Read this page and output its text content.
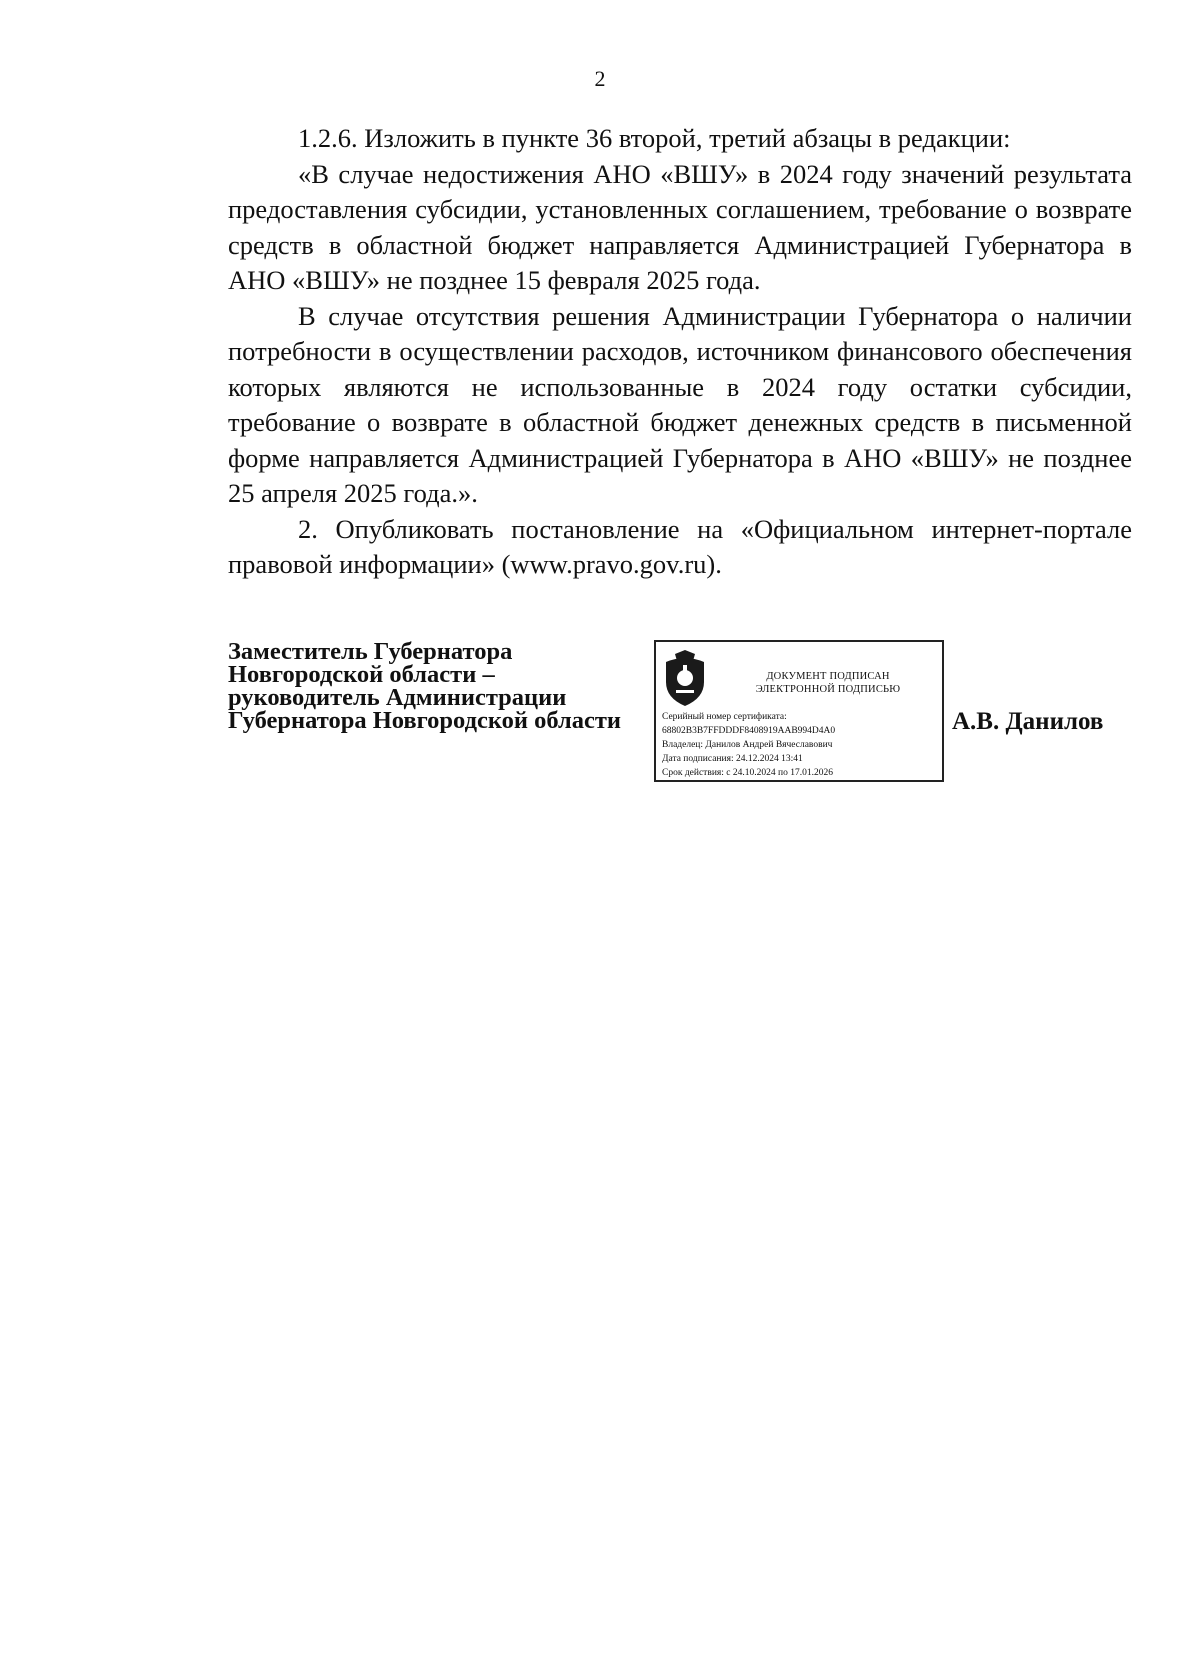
2

1.2.6. Изложить в пункте 36 второй, третий абзацы в редакции:

«В случае недостижения АНО «ВШУ» в 2024 году значений результата предоставления субсидии, установленных соглашением, требование о возврате средств в областной бюджет направляется Администрацией Губернатора в АНО «ВШУ» не позднее 15 февраля 2025 года.

В случае отсутствия решения Администрации Губернатора о наличии потребности в осуществлении расходов, источником финансового обеспечения которых являются не использованные в 2024 году остатки субсидии, требование о возврате в областной бюджет денежных средств в письменной форме направляется Администрацией Губернатора в АНО «ВШУ» не позднее 25 апреля 2025 года.».

2. Опубликовать постановление на «Официальном интернет-портале правовой информации» (www.pravo.gov.ru).

Заместитель Губернатора
Новгородской области –
руководитель Администрации
Губернатора Новгородской области
ДОКУМЕНТ ПОДПИСАН
ЭЛЕКТРОННОЙ ПОДПИСЬЮ
Серийный номер сертификата:
68802B3B7FFDDDF8408919AAB994D4A0
Владелец: Данилов Андрей Вячеславович
Дата подписания: 24.12.2024 13:41
Срок действия: с 24.10.2024 по 17.01.2026
А.В. Данилов
